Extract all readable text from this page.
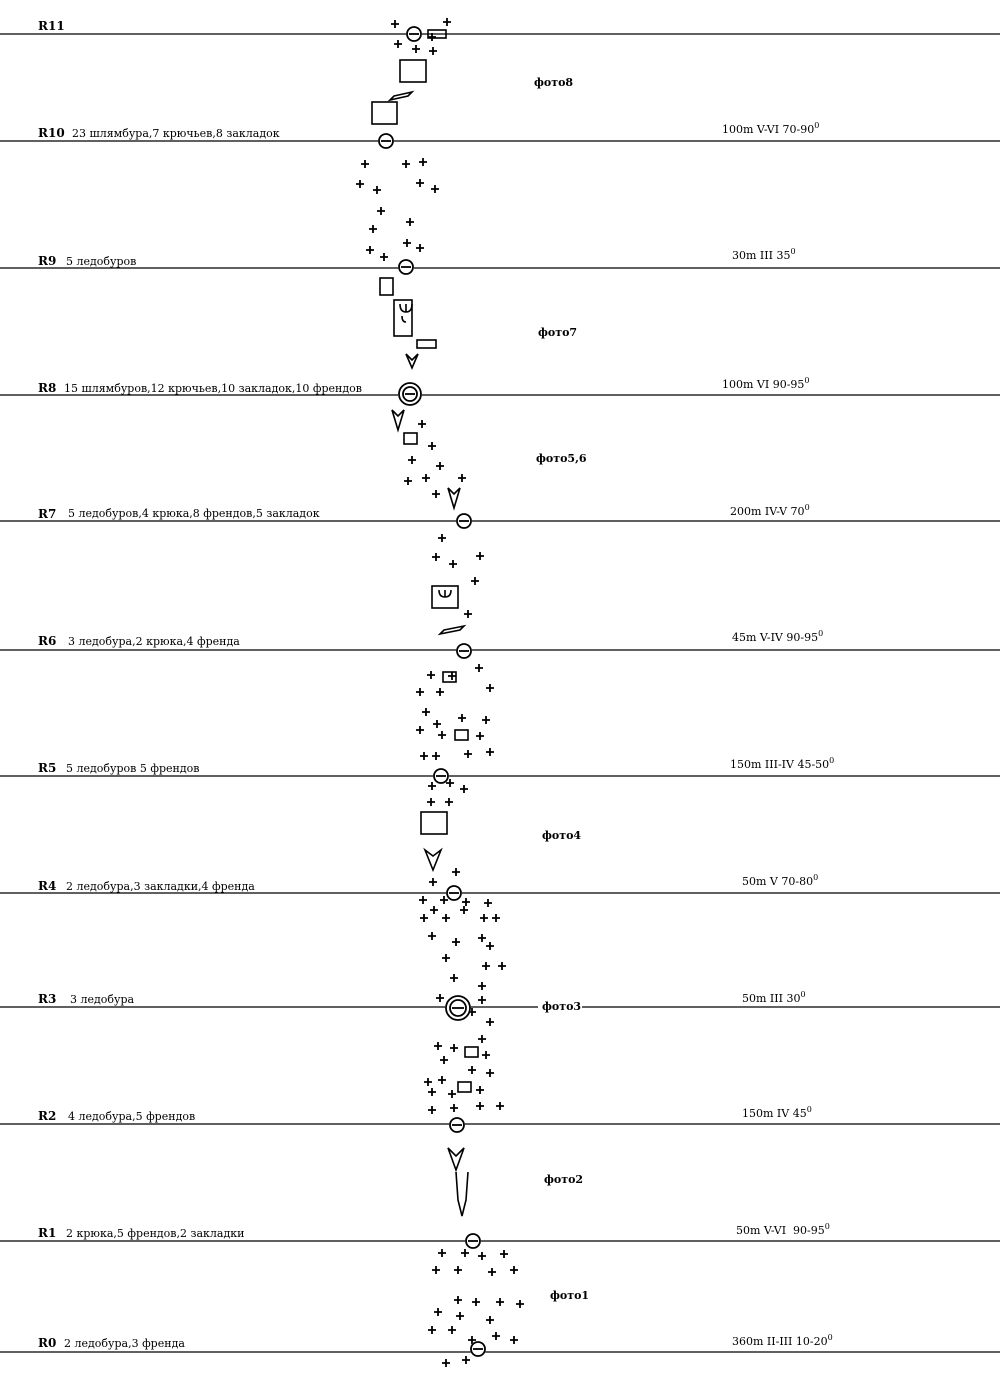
R11
R10 23 шлямбура,7 крючьев,8 закладок	100m V-VI $70-90^0$
R9 5 ледобуров	30m III $35^0$
R8 15 шлямбуров,12 крючьев,10 закладок,10 френдов	100m VI $90-95^0$
R7 5 ледобуров,4 крюка,8 френдов,5 закладок	200m IV-V $70^0$
R6 3 ледобура,2 крюка,4 френда	45m V-IV $90-95^0$
R5 5 ледобуров 5 френдов	150m III-IV $45-50^0$
R4 2 ледобура,3 закладки,4 френда	50m V $70-80^0$
R3 3 ледобура	50m III $30^0$
R2 4 ледобура,5 френдов	150m IV $45^0$
R1 2 крюка,5 френдов,2 закладки	50m V-VI  $90-95^0$
R0 2 ледобура,3 френда	360m II-III $10-20^0$
фото8
фото7
фото5,6
фото4
фото3
фото2
фото1
